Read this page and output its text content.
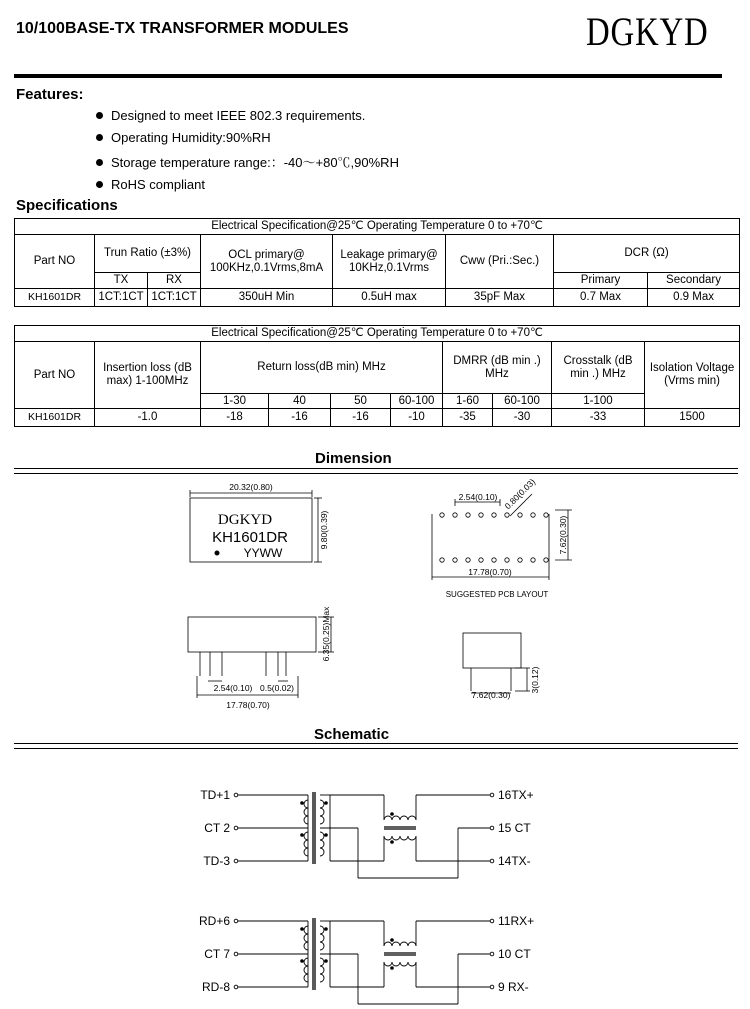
10/100BASE-TX TRANSFORMER MODULES	DGKYD
Features:
Designed to meet IEEE 802.3 requirements.
Operating Humidity:90%RH
Storage temperature range:：-40～+80℃,90%RH
RoHS compliant
Specifications
Electrical Specification@25℃ Operating Temperature 0 to +70℃							
Part NO	Trun Ratio (±3%)		OCL primary@ 100KHz,0.1Vrms,8mA	Leakage primary@ 10KHz,0.1Vrms	Cww (Pri.:Sec.)	DCR (Ω)	
	TX	RX				Primary	Secondary
KH1601DR	1CT:1CT	1CT:1CT	350uH Min	0.5uH max	35pF Max	0.7 Max	0.9 Max
Electrical Specification@25℃ Operating Temperature 0 to +70℃									
Part NO	Insertion loss (dB max) 1-100MHz	Return loss(dB min) MHz				DMRR (dB min .) MHz		Crosstalk (dB min .) MHz	Isolation Voltage (Vrms min)
		1-30	40	50	60-100	1-60	60-100	1-100	
KH1601DR	-1.0	-18	-16	-16	-10	-35	-30	-33	1500
Dimension
20.32(0.80)
9.80(0.39)
2.54(0.10) 0.80(0.03)
7.62(0.30)
17.78(0.70)
SUGGESTED PCB LAYOUT
6.35(0.25)Max
2.54(0.10) 0.5(0.02)
17.78(0.70)
7.62(0.30)
3(0.12)
DGKYD
KH1601DR
YYWW
Schematic
TD+1
CT 2
TD-3
16TX+
15 CT
14TX-
RD+6
CT 7
RD-8
11RX+
10 CT
9 RX-
